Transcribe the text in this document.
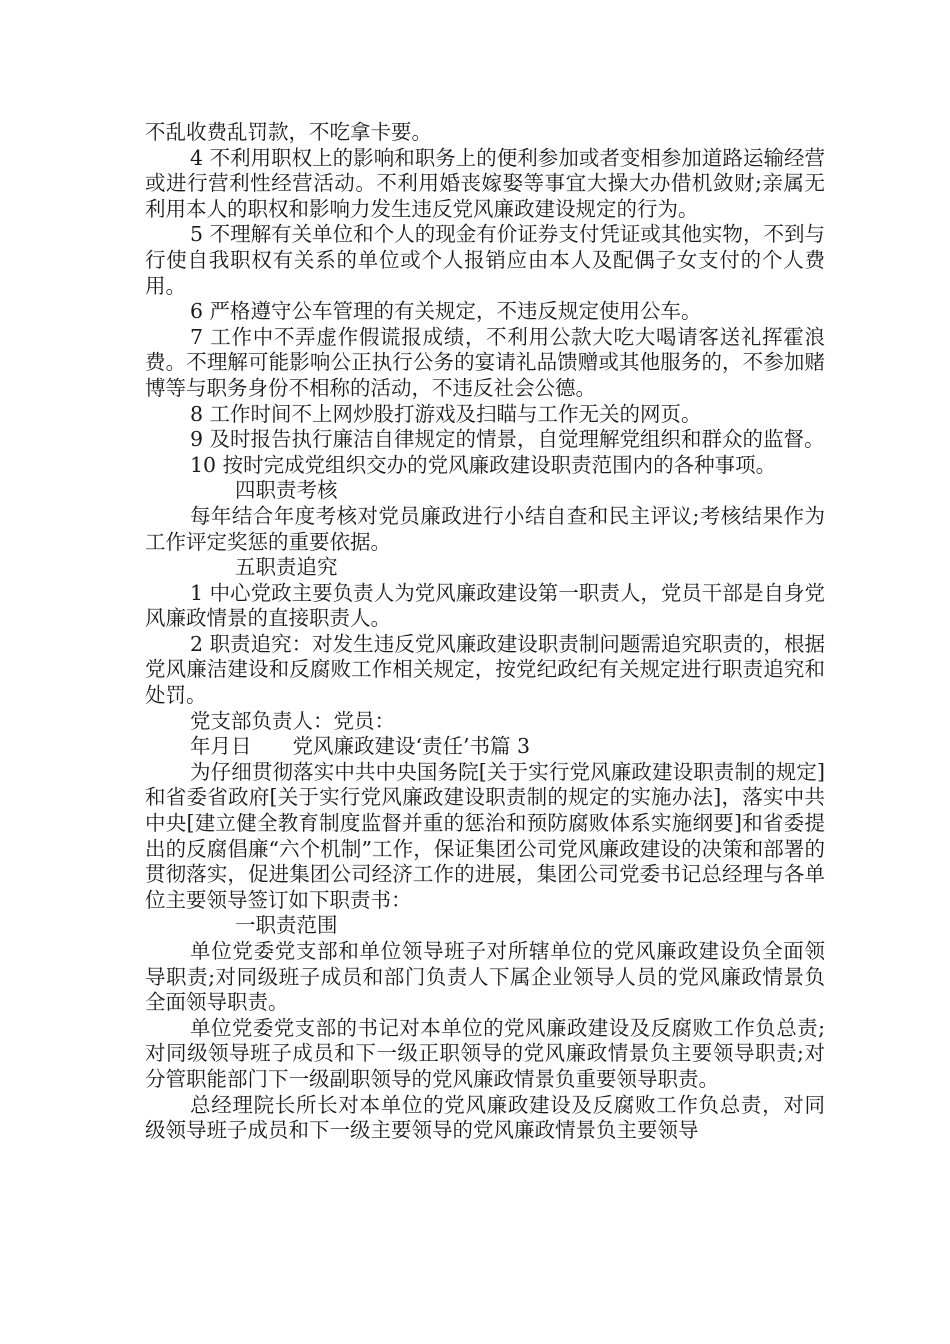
不乱收费乱罚款，不吃拿卡要。

4 不利用职权上的影响和职务上的便利参加或者变相参加道路运输经营或进行营利性经营活动。不利用婚丧嫁娶等事宜大操大办借机敛财;亲属无利用本人的职权和影响力发生违反党风廉政建设规定的行为。

5 不理解有关单位和个人的现金有价证券支付凭证或其他实物，不到与行使自我职权有关系的单位或个人报销应由本人及配偶子女支付的个人费用。

6 严格遵守公车管理的有关规定，不违反规定使用公车。

7 工作中不弄虚作假谎报成绩，不利用公款大吃大喝请客送礼挥霍浪费。不理解可能影响公正执行公务的宴请礼品馈赠或其他服务的，不参加赌博等与职务身份不相称的活动，不违反社会公德。

8 工作时间不上网炒股打游戏及扫瞄与工作无关的网页。

9 及时报告执行廉洁自律规定的情景，自觉理解党组织和群众的监督。

10 按时完成党组织交办的党风廉政建设职责范围内的各种事项。

四职责考核

每年结合年度考核对党员廉政进行小结自查和民主评议;考核结果作为工作评定奖惩的重要依据。

五职责追究

1 中心党政主要负责人为党风廉政建设第一职责人，党员干部是自身党风廉政情景的直接职责人。

2 职责追究：对发生违反党风廉政建设职责制问题需追究职责的，根据党风廉洁建设和反腐败工作相关规定，按党纪政纪有关规定进行职责追究和处罚。

党支部负责人：党员：

年月日　　党风廉政建设‘责任’书篇 3

为仔细贯彻落实中共中央国务院[关于实行党风廉政建设职责制的规定]和省委省政府[关于实行党风廉政建设职责制的规定的实施办法]，落实中共中央[建立健全教育制度监督并重的惩治和预防腐败体系实施纲要]和省委提出的反腐倡廉“六个机制”工作，保证集团公司党风廉政建设的决策和部署的贯彻落实，促进集团公司经济工作的进展，集团公司党委书记总经理与各单位主要领导签订如下职责书：

一职责范围

单位党委党支部和单位领导班子对所辖单位的党风廉政建设负全面领导职责;对同级班子成员和部门负责人下属企业领导人员的党风廉政情景负全面领导职责。

单位党委党支部的书记对本单位的党风廉政建设及反腐败工作负总责;对同级领导班子成员和下一级正职领导的党风廉政情景负主要领导职责;对分管职能部门下一级副职领导的党风廉政情景负重要领导职责。

总经理院长所长对本单位的党风廉政建设及反腐败工作负总责，对同级领导班子成员和下一级主要领导的党风廉政情景负主要领导
